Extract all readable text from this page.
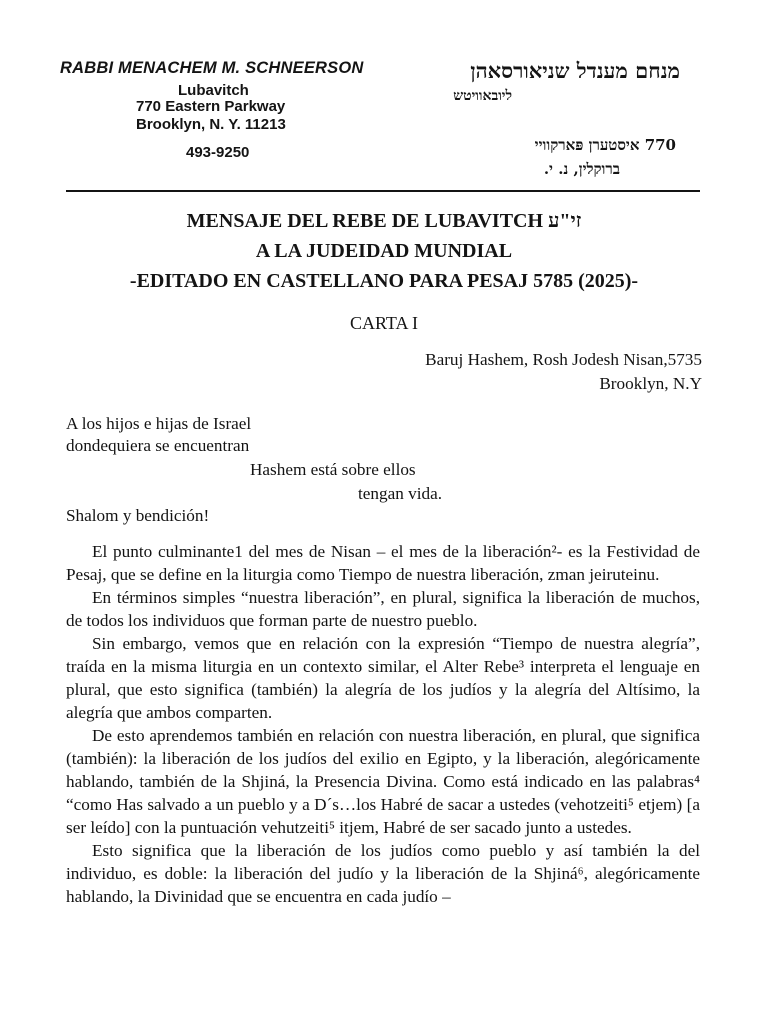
RABBI MENACHEM M. SCHNEERSON
Lubavitch
770 Eastern Parkway
Brooklyn, N. Y. 11213
493-9250
מנחם מענדל שניאורסאהן
ליובאוויטש
770 איסטערן פּארקוויי
ברוקלין, נ. י.
MENSAJE DEL REBE DE LUBAVITCH זי"ע
A LA JUDEIDAD MUNDIAL
-EDITADO EN CASTELLANO PARA PESAJ 5785 (2025)-
CARTA I
Baruj Hashem, Rosh Jodesh Nisan,5735
Brooklyn, N.Y
A los hijos e hijas de Israel
dondequiera se encuentran
Hashem está sobre ellos
tengan vida.
Shalom y bendición!

El punto culminante1 del mes de Nisan – el mes de la liberación²- es la Festividad de Pesaj, que se define en la liturgia como Tiempo de nuestra liberación, zman jeiruteinu.

En términos simples “nuestra liberación”, en plural, significa la liberación de muchos, de todos los individuos que forman parte de nuestro pueblo.

Sin embargo, vemos que en relación con la expresión “Tiempo de nuestra alegría”, traída en la misma liturgia en un contexto similar, el Alter Rebe³ interpreta el lenguaje en plural, que esto significa (también) la alegría de los judíos y la alegría del Altísimo, la alegría que ambos comparten.

De esto aprendemos también en relación con nuestra liberación, en plural, que significa (también): la liberación de los judíos del exilio en Egipto, y la liberación, alegóricamente hablando, también de la Shjiná, la Presencia Divina. Como está indicado en las palabras⁴ “como Has salvado a un pueblo y a D´s…los Habré de sacar a ustedes (vehotzeiti⁵ etjem) [a ser leído] con la puntuación vehutzeiti⁵ itjem, Habré de ser sacado junto a ustedes.

Esto significa que la liberación de los judíos como pueblo y así también la del individuo, es doble: la liberación del judío y la liberación de la Shjiná⁶, alegóricamente hablando, la Divinidad que se encuentra en cada judío –
